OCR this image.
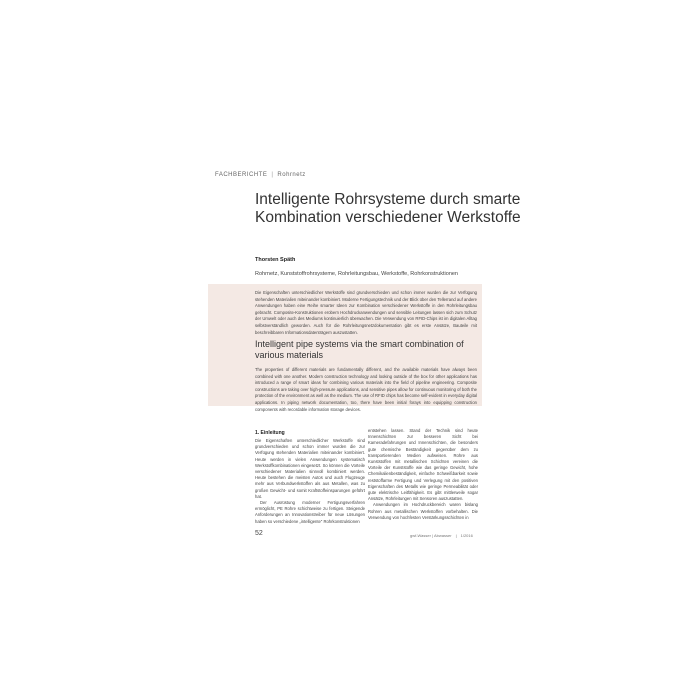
FACHBERICHTE | Rohrnetz
Intelligente Rohrsysteme durch smarte Kombination verschiedener Werkstoffe
Thorsten Späth
Rohrnetz, Kunststoffrohrsysteme, Rohrleitungsbau, Werkstoffe, Rohrkonstruktionen
Die Eigenschaften unterschiedlicher Werkstoffe sind grundverschieden und schon immer wurden die zur Verfügung stehenden Materialien miteinander kombiniert. Moderne Fertigungstechnik und der Blick über den Tellerrand auf andere Anwendungen haben eine Reihe smarter Ideen zur Kombination verschiedener Werkstoffe in den Rohrleitungsbau gebracht. Composite-Konstruktionen erobern Hochdruckanwendungen und sensible Leitungen lassen sich zum Schutz der Umwelt oder auch des Mediums kontinuierlich überwachen. Die Verwendung von RFID-Chips ist im digitalen Alltag selbstverständlich geworden. Auch für die Rohrleitungsnetzdokumentation gibt es erste Ansätze, Bauteile mit beschreibbaren Informationsdatenträgern auszustatten.
Intelligent pipe systems via the smart combination of various materials
The properties of different materials are fundamentally different, and the available materials have always been combined with one another. Modern construction technology and looking outside of the box for other applications has introduced a range of smart ideas for combining various materials into the field of pipeline engineering. Composite constructions are taking over high-pressure applications, and sensitive pipes allow for continuous monitoring of both the protection of the environment as well as the medium. The use of RFID chips has become self-evident in everyday digital applications. In piping network documentation, too, there have been initial forays into equipping construction components with recordable information storage devices.
1. Einleitung

Die Eigenschaften unterschiedlicher Werkstoffe sind grundverschieden und schon immer wurden die zur Verfügung stehenden Materialien miteinander kombiniert. Heute werden in vielen Anwendungen systematisch Werkstoffkombinationen eingesetzt. So können die Vorteile verschiedener Materialien sinnvoll kombiniert werden. Heute bestehen die meisten Autos und auch Flugzeuge mehr aus Verbundwerkstoffen als aus Metallen, was zu großen Gewicht- und somit Kraftstoffeinsparungen geführt hat.

Der Ausrüstung moderner Fertigungsverfahren ermöglicht, PE Rohre schichtweise zu fertigen. Steigende Anforderungen an Innovationstreiber für neue Lösungen haben so verschiedene „intelligente“ Rohrkonstruktionen

entstehen lassen. Stand der Technik sind heute Innenschichten zur besseren Sicht bei Kameradefahrungen und Innenschichten, die besonders gute chemische Beständigkeit gegenüber dem zu transportierenden Medien aufweisen. Rohre aus Kunststoffen mit metallischen Schichten vereinen die Vorteile der Kunststoffe wie das geringe Gewicht, hohe Chemikalienbeständigkeit, einfache Schweißbarkeit sowie reststoffarme Fertigung und Verlegung mit den positiven Eigenschaften des Metalls wie geringe Permeabilität oder gute elektrische Leitfähigkeit. Es gibt mittlerweile sogar Ansätze, Rohrleitungen mit Sensoren auszustatten.

Anwendungen im Hochdruckbereich waren bislang Rohren aus metallischen Werkstoffen vorbehalten. Die Verwendung von hochfesten Verstärkungsschichten in

52	gwf-Wasser | Abwasser | 1/2016
